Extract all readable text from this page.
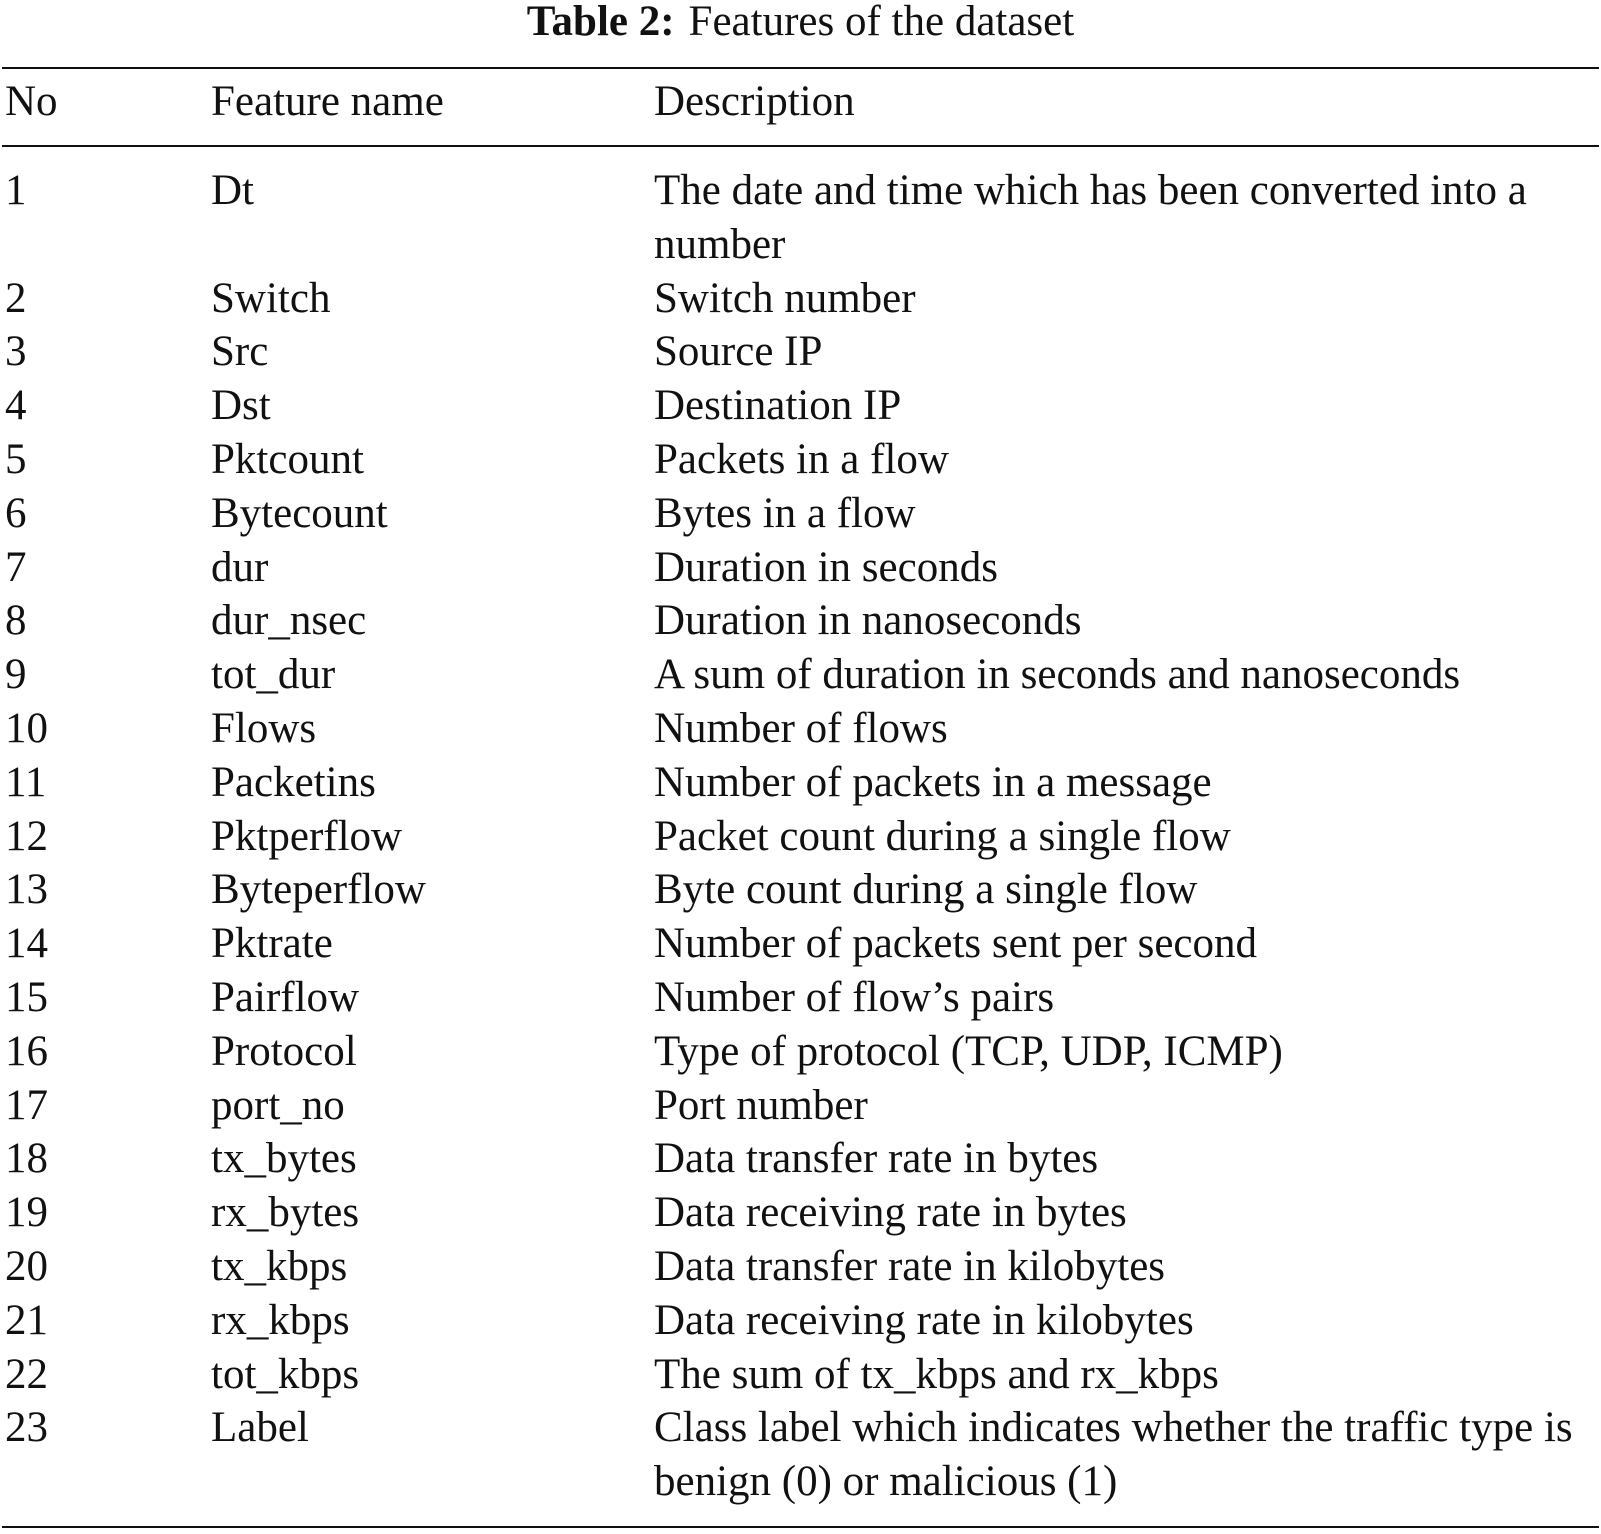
Table 2: Features of the dataset
No	Feature name	Description
1	Dt	The date and time which has been converted into a number
2	Switch	Switch number
3	Src	Source IP
4	Dst	Destination IP
5	Pktcount	Packets in a flow
6	Bytecount	Bytes in a flow
7	dur	Duration in seconds
8	dur_nsec	Duration in nanoseconds
9	tot_dur	A sum of duration in seconds and nanoseconds
10	Flows	Number of flows
11	Packetins	Number of packets in a message
12	Pktperflow	Packet count during a single flow
13	Byteperflow	Byte count during a single flow
14	Pktrate	Number of packets sent per second
15	Pairflow	Number of flow’s pairs
16	Protocol	Type of protocol (TCP, UDP, ICMP)
17	port_no	Port number
18	tx_bytes	Data transfer rate in bytes
19	rx_bytes	Data receiving rate in bytes
20	tx_kbps	Data transfer rate in kilobytes
21	rx_kbps	Data receiving rate in kilobytes
22	tot_kbps	The sum of tx_kbps and rx_kbps
23	Label	Class label which indicates whether the traffic type is benign (0) or malicious (1)
